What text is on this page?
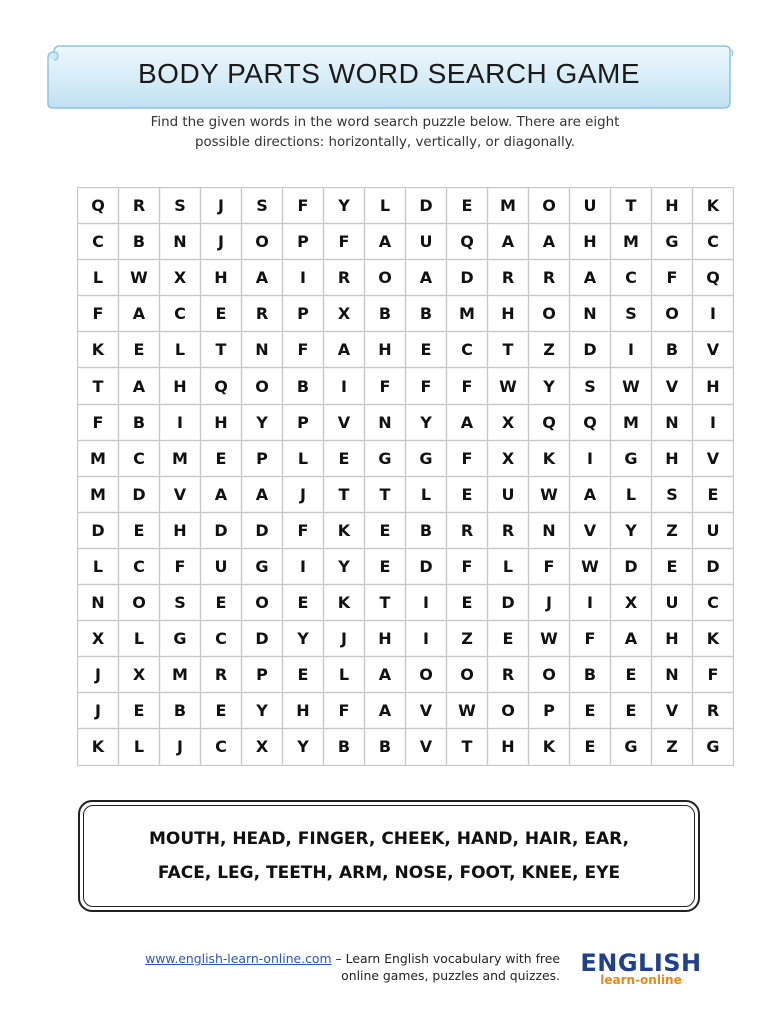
BODY PARTS WORD SEARCH GAME
Find the given words in the word search puzzle below. There are eight
possible directions: horizontally, vertically, or diagonally.
Q	R	S	J	S	F	Y	L	D	E	M	O	U	T	H	K
C	B	N	J	O	P	F	A	U	Q	A	A	H	M	G	C
L	W	X	H	A	I	R	O	A	D	R	R	A	C	F	Q
F	A	C	E	R	P	X	B	B	M	H	O	N	S	O	I
K	E	L	T	N	F	A	H	E	C	T	Z	D	I	B	V
T	A	H	Q	O	B	I	F	F	F	W	Y	S	W	V	H
F	B	I	H	Y	P	V	N	Y	A	X	Q	Q	M	N	I
M	C	M	E	P	L	E	G	G	F	X	K	I	G	H	V
M	D	V	A	A	J	T	T	L	E	U	W	A	L	S	E
D	E	H	D	D	F	K	E	B	R	R	N	V	Y	Z	U
L	C	F	U	G	I	Y	E	D	F	L	F	W	D	E	D
N	O	S	E	O	E	K	T	I	E	D	J	I	X	U	C
X	L	G	C	D	Y	J	H	I	Z	E	W	F	A	H	K
J	X	M	R	P	E	L	A	O	O	R	O	B	E	N	F
J	E	B	E	Y	H	F	A	V	W	O	P	E	E	V	R
K	L	J	C	X	Y	B	B	V	T	H	K	E	G	Z	G
MOUTH, HEAD, FINGER, CHEEK, HAND, HAIR, EAR,
FACE, LEG, TEETH, ARM, NOSE, FOOT, KNEE, EYE
www.english-learn-online.com – Learn English vocabulary with free
online games, puzzles and quizzes. ENGLISH
learn-online
